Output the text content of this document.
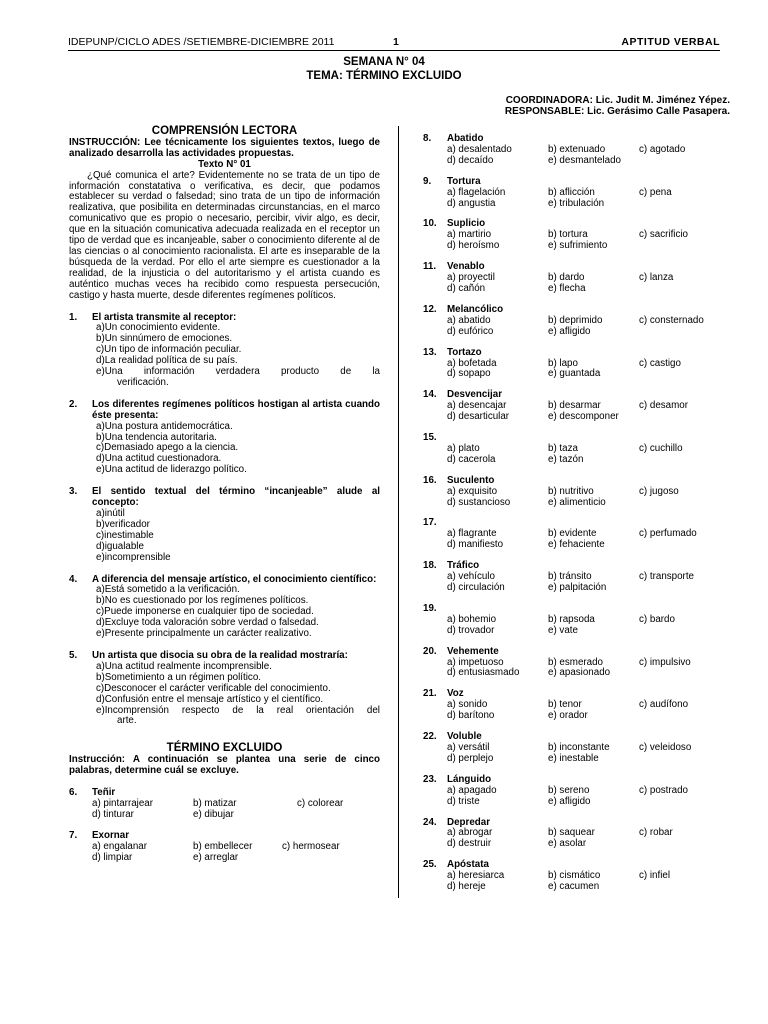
IDEPUNP/CICLO ADES /SETIEMBRE-DICIEMBRE 2011	1	APTITUD VERBAL
SEMANA N° 04
TEMA: TÉRMINO EXCLUIDO
COORDINADORA: Lic. Judit M. Jiménez Yépez.
RESPONSABLE: Lic. Gerásimo Calle Pasapera.
COMPRENSIÓN LECTORA
INSTRUCCIÓN: Lee técnicamente los siguientes textos, luego de analizado desarrolla las actividades propuestas.
Texto N° 01
¿Qué comunica el arte? Evidentemente no se trata de un tipo de información constatativa o verificativa, es decir, que podamos establecer su verdad o falsedad; sino trata de un tipo de información realizativa, que posibilita en determinadas circunstancias, en el marco comunicativo que es propio o necesario, percibir, vivir algo, es decir, que en la situación comunicativa adecuada realizada en el receptor un tipo de verdad que es incanjeable, saber o conocimiento diferente al de las ciencias o al conocimiento racionalista. El arte es inseparable de la búsqueda de la verdad. Por ello el arte siempre es cuestionador a la realidad, de la injusticia o del autoritarismo y el artista cuando es auténtico muchas veces ha recibido como respuesta persecución, castigo y hasta muerte, desde diferentes regímenes políticos.
1.	El artista transmite al receptor:
a)Un conocimiento evidente.
b)Un sinnúmero de emociones.
c)Un tipo de información peculiar.
d)La realidad política de su país.
e)Una información verdadera producto de la
verificación.
2.	Los diferentes regímenes políticos hostigan al artista cuando éste presenta:
a)Una postura antidemocrática.
b)Una tendencia autoritaria.
c)Demasiado apego a la ciencia.
d)Una actitud cuestionadora.
e)Una actitud de liderazgo político.
3.	El sentido textual del término “incanjeable” alude al concepto:
a)inútil
b)verificador
c)inestimable
d)igualable
e)incomprensible
4.	A diferencia del mensaje artístico, el conocimiento científico:
a)Está sometido a la verificación.
b)No es cuestionado por los regímenes políticos.
c)Puede imponerse en cualquier tipo de sociedad.
d)Excluye toda valoración sobre verdad o falsedad.
e)Presente principalmente un carácter realizativo.
5.	Un artista que disocia su obra de la realidad mostraría:
a)Una actitud realmente incomprensible.
b)Sometimiento a un régimen político.
c)Desconocer el carácter verificable del conocimiento.
d)Confusión entre el mensaje artístico y el científico.
e)Incomprensión respecto de la real orientación del
arte.
TÉRMINO EXCLUIDO
Instrucción: A continuación se plantea una serie de cinco palabras, determine cuál se excluye.
6.	Teñir
a) pintarrajear	b) matizar	c) colorear
d) tinturar	e) dibujar
7.	Exornar
a) engalanar	b) embellecer	c) hermosear
d) limpiar	e) arreglar
8.	Abatido
a) desalentado	b) extenuado	c) agotado
d) decaído	e) desmantelado
9.	Tortura
a) flagelación	b) aflicción	c) pena
d) angustia	e) tribulación
10.	Suplicio
a) martirio	b) tortura	c) sacrificio
d) heroísmo	e) sufrimiento
11.	Venablo
a) proyectil	b) dardo	c) lanza
d) cañón	e) flecha
12.	Melancólico
a) abatido	b) deprimido	c) consternado
d) eufórico	e) afligido
13.	Tortazo
a) bofetada	b) lapo	c) castigo
d) sopapo	e) guantada
14.	Desvencijar
a) desencajar	b) desarmar	c) desamor
d) desarticular	e) descomponer
15.
a) plato	b) taza	c) cuchillo
d) cacerola	e) tazón
16.	Suculento
a) exquisito	b) nutritivo	c) jugoso
d) sustancioso	e) alimenticio
17.
a) flagrante	b) evidente	c) perfumado
d) manifiesto	e) fehaciente
18.	Tráfico
a) vehículo	b) tránsito	c) transporte
d) circulación	e) palpitación
19.
a) bohemio	b) rapsoda	c) bardo
d) trovador	e) vate
20.	Vehemente
a) impetuoso	b) esmerado	c) impulsivo
d) entusiasmado	e) apasionado
21.	Voz
a) sonido	b) tenor	c) audífono
d) barítono	e) orador
22.	Voluble
a) versátil	b) inconstante	c) veleidoso
d) perplejo	e) inestable
23.	Lánguido
a) apagado	b) sereno	c) postrado
d) triste	e) afligido
24.	Depredar
a) abrogar	b) saquear	c) robar
d) destruir	e) asolar
25.	Apóstata
a) heresiarca	b) cismático	c) infiel
d) hereje	e) cacumen
